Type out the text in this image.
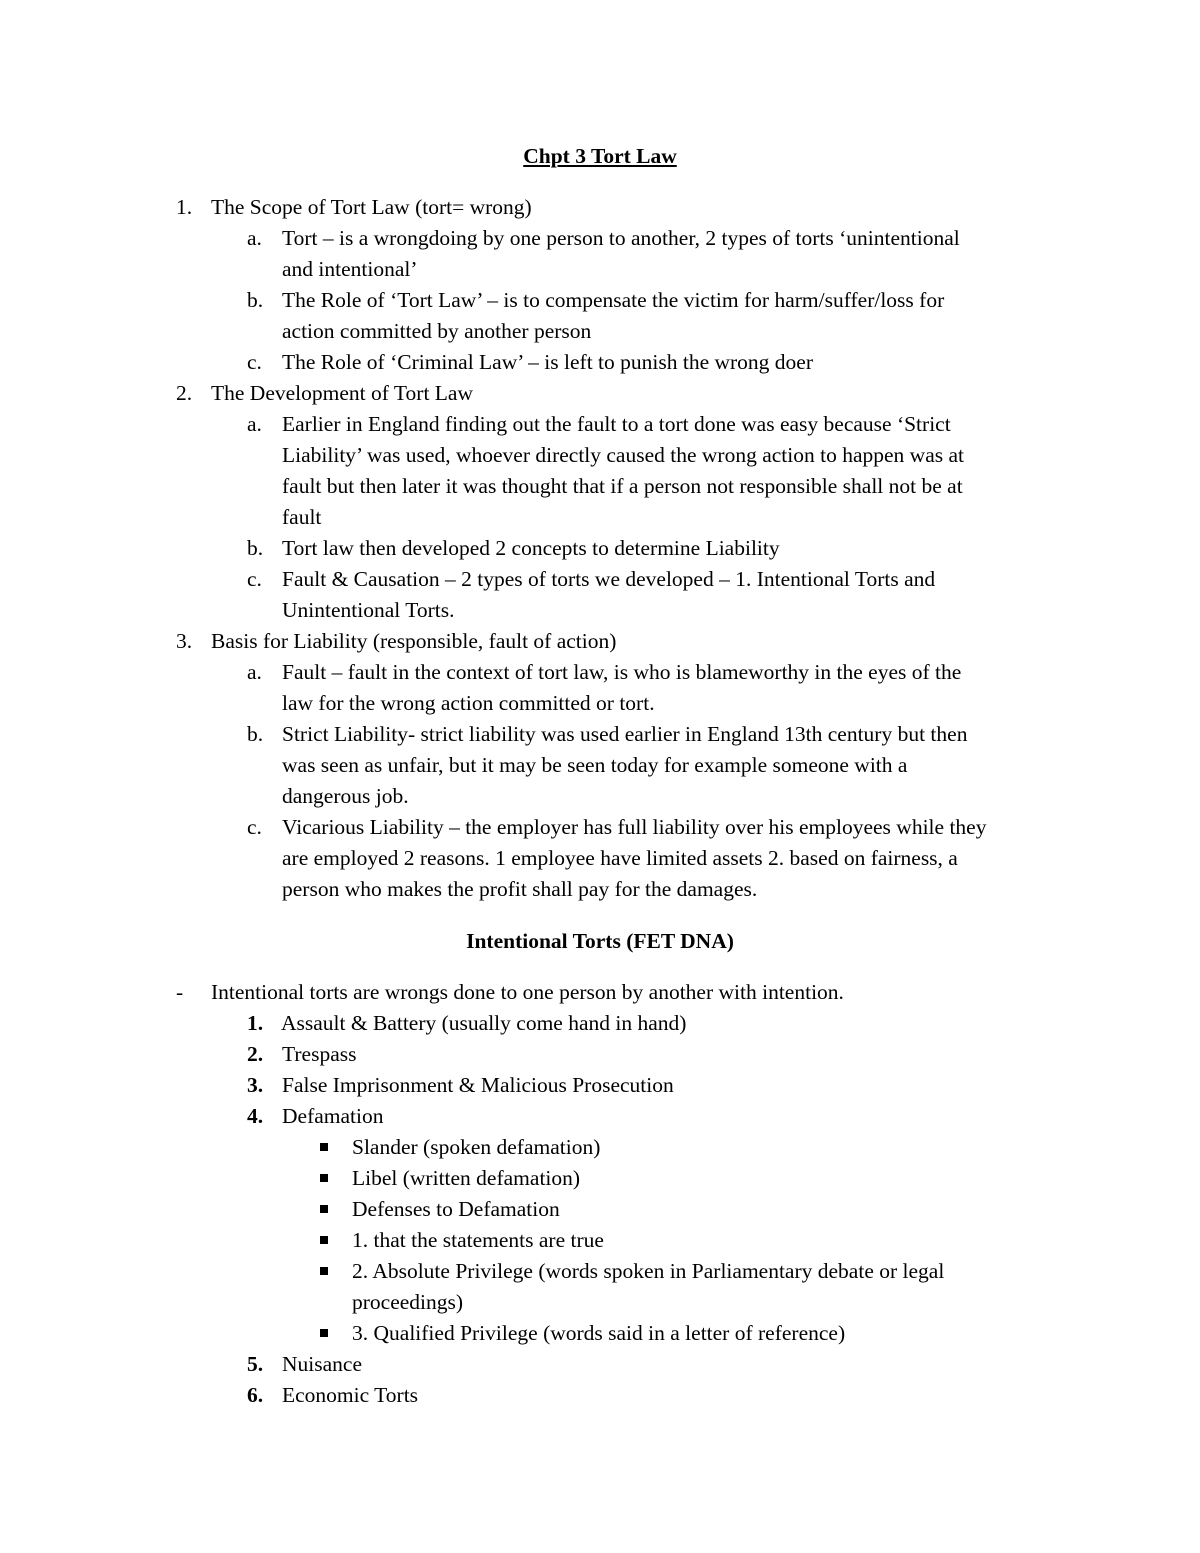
Chpt 3 Tort Law
1. The Scope of Tort Law (tort= wrong)
a. Tort – is a wrongdoing by one person to another, 2 types of torts ‘unintentional
and intentional’
b. The Role of ‘Tort Law’ – is to compensate the victim for harm/suffer/loss for
action committed by another person
c. The Role of ‘Criminal Law’ – is left to punish the wrong doer
2. The Development of Tort Law
a. Earlier in England finding out the fault to a tort done was easy because ‘Strict
Liability’ was used, whoever directly caused the wrong action to happen was at
fault but then later it was thought that if a person not responsible shall not be at
fault
b. Tort law then developed 2 concepts to determine Liability
c. Fault & Causation – 2 types of torts we developed – 1. Intentional Torts and
Unintentional Torts.
3. Basis for Liability (responsible, fault of action)
a. Fault – fault in the context of tort law, is who is blameworthy in the eyes of the
law for the wrong action committed or tort.
b. Strict Liability- strict liability was used earlier in England 13th century but then
was seen as unfair, but it may be seen today for example someone with a
dangerous job.
c. Vicarious Liability – the employer has full liability over his employees while they
are employed 2 reasons. 1 employee have limited assets 2. based on fairness, a
person who makes the profit shall pay for the damages.
Intentional Torts (FET DNA)
- Intentional torts are wrongs done to one person by another with intention.
1. Assault & Battery (usually come hand in hand)
2. Trespass
3. False Imprisonment & Malicious Prosecution
4. Defamation
Slander (spoken defamation)
Libel (written defamation)
Defenses to Defamation
1. that the statements are true
2. Absolute Privilege (words spoken in Parliamentary debate or legal
proceedings)
3. Qualified Privilege (words said in a letter of reference)
5. Nuisance
6. Economic Torts
